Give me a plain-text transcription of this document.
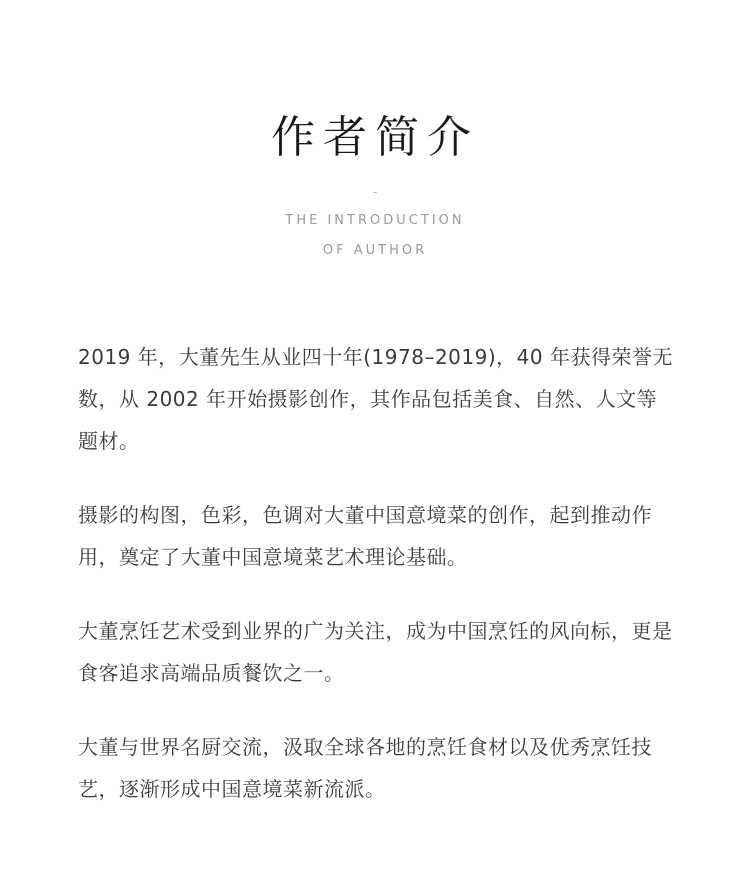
作者简介
-
THE INTRODUCTION
OF AUTHOR

2019 年，大董先生从业四十年(1978–2019)，40 年获得荣誉无数，从 2002 年开始摄影创作，其作品包括美食、自然、人文等题材。

摄影的构图，色彩，色调对大董中国意境菜的创作，起到推动作用，奠定了大董中国意境菜艺术理论基础。

大董烹饪艺术受到业界的广为关注，成为中国烹饪的风向标，更是食客追求高端品质餐饮之一。

大董与世界名厨交流，汲取全球各地的烹饪食材以及优秀烹饪技艺，逐渐形成中国意境菜新流派。
